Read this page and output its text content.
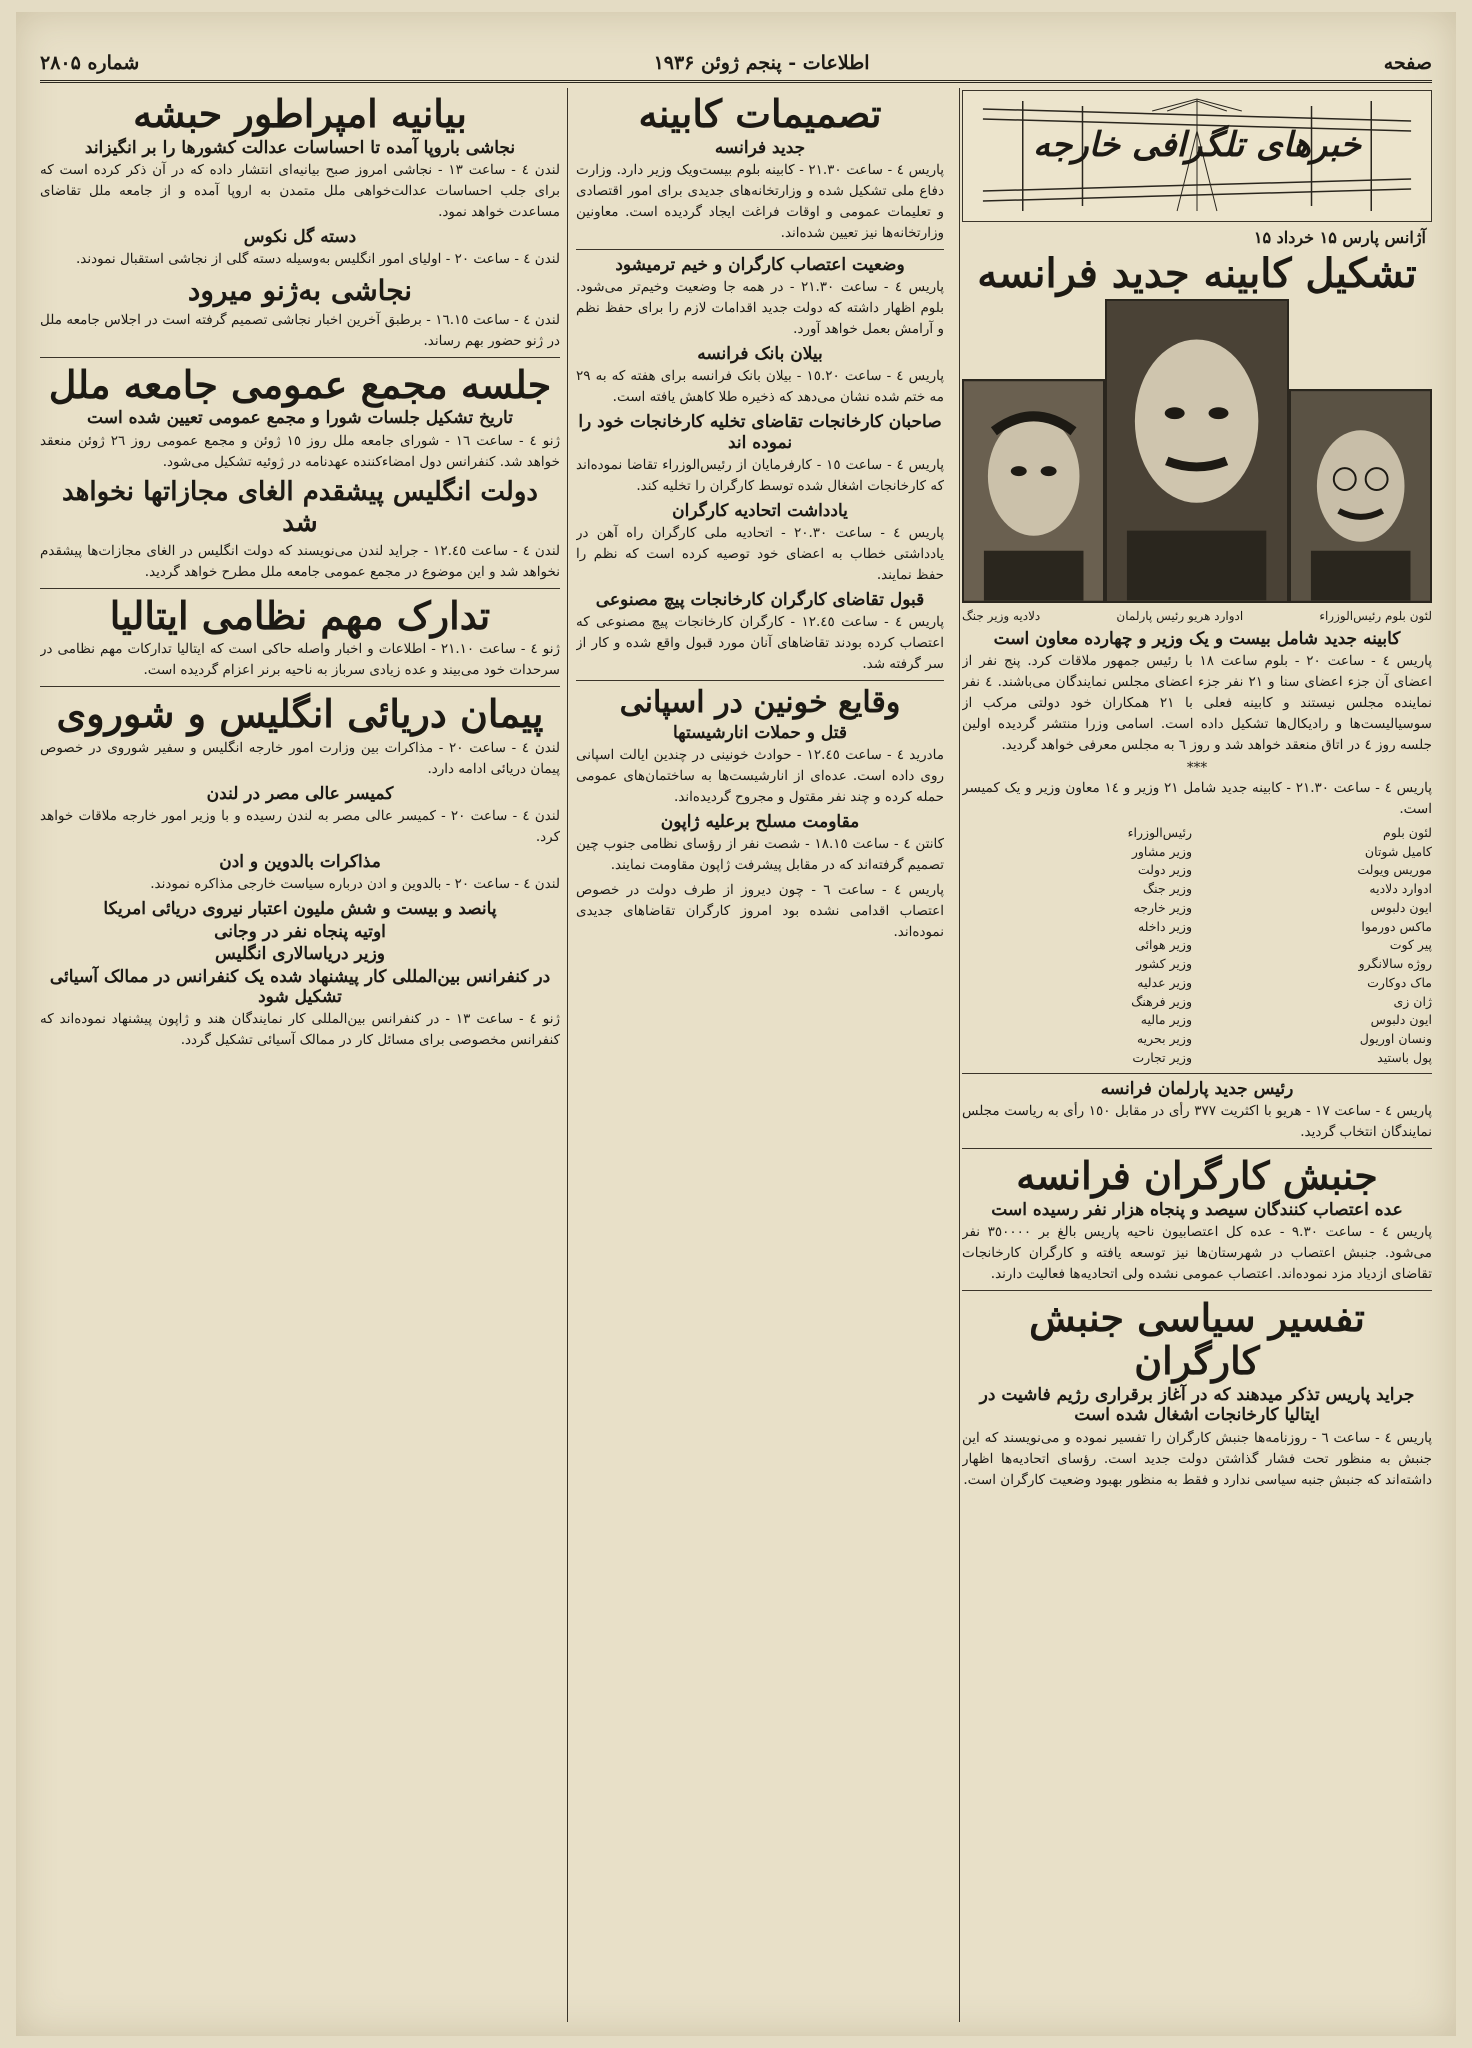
صفحه
اطلاعات - پنجم ژوئن ۱۹۳۶
شماره ۲۸۰۵
خبرهای تلگرافی خارجه
آژانس پارس ۱۵ خرداد ۱۵
تشکیل کابینه جدید فرانسه
لئون بلوم رئیس‌الوزراء
ادوارد هریو رئیس پارلمان
دلادیه وزیر جنگ
کابینه جدید شامل بیست و یک وزیر و چهارده معاون است

پاریس ٤ - ساعت ٢٠ - بلوم ساعت ١٨ با رئیس جمهور ملاقات کرد. پنج نفر از اعضای آن جزء اعضای سنا و ٢١ نفر جزء اعضای مجلس نمایندگان می‌باشند. ٤ نفر نماینده مجلس نیستند و کابینه فعلی با ٢١ همکاران خود دولتی مرکب از سوسیالیست‌ها و رادیکال‌ها تشکیل داده است. اسامی وزرا منتشر گردیده اولین جلسه روز ٤ در اتاق منعقد خواهد شد و روز ٦ به مجلس معرفی خواهد گردید.

***

پاریس ٤ - ساعت ٢١.٣٠ - کابینه جدید شامل ٢١ وزیر و ١٤ معاون وزیر و یک کمیسر است.

لئون بلوم
کامیل شوتان
موریس ویولت
ادوارد دلادیه
ایون دلبوس
ماکس دورموا
پیر کوت
روژه سالانگرو
ماک دوکارت
ژان زی
ایون دلبوس
ونسان اوریول
پول باستید
رئیس‌الوزراء
وزیر مشاور
وزیر دولت
وزیر جنگ
وزیر خارجه
وزیر داخله
وزیر هوائی
وزیر کشور
وزیر عدلیه
وزیر فرهنگ
وزیر مالیه
وزیر بحریه
وزیر تجارت
رئیس جدید پارلمان فرانسه

پاریس ٤ - ساعت ١٧ - هریو با اکثریت ٣٧٧ رأی در مقابل ١٥٠ رأی به ریاست مجلس نمایندگان انتخاب گردید.

جنبش کارگران فرانسه
عده اعتصاب کنندگان سیصد و پنجاه هزار نفر رسیده است

پاریس ٤ - ساعت ٩.٣٠ - عده کل اعتصابیون ناحیه پاریس بالغ بر ٣٥٠٠٠٠ نفر می‌شود. جنبش اعتصاب در شهرستان‌ها نیز توسعه یافته و کارگران کارخانجات تقاضای ازدیاد مزد نموده‌اند. اعتصاب عمومی نشده ولی اتحادیه‌ها فعالیت دارند.

تفسیر سیاسی جنبش کارگران
جراید پاریس تذکر میدهند که در آغاز برقراری رژیم فاشیت در ایتالیا کارخانجات اشغال شده است

پاریس ٤ - ساعت ٦ - روزنامه‌ها جنبش کارگران را تفسیر نموده و می‌نویسند که این جنبش به منظور تحت فشار گذاشتن دولت جدید است. رؤسای اتحادیه‌ها اظهار داشته‌اند که جنبش جنبه سیاسی ندارد و فقط به منظور بهبود وضعیت کارگران است.

تصمیمات کابینه
جدید فرانسه

پاریس ٤ - ساعت ٢١.٣٠ - کابینه بلوم بیست‌ویک وزیر دارد. وزارت دفاع ملی تشکیل شده و وزارتخانه‌های جدیدی برای امور اقتصادی و تعلیمات عمومی و اوقات فراغت ایجاد گردیده است. معاونین وزارتخانه‌ها نیز تعیین شده‌اند.

وضعیت اعتصاب کارگران و خیم ترمیشود

پاریس ٤ - ساعت ٢١.٣٠ - در همه جا وضعیت وخیم‌تر می‌شود. بلوم اظهار داشته که دولت جدید اقدامات لازم را برای حفظ نظم و آرامش بعمل خواهد آورد.

بیلان بانک فرانسه

پاریس ٤ - ساعت ١٥.٢٠ - بیلان بانک فرانسه برای هفته که به ٢٩ مه ختم شده نشان می‌دهد که ذخیره طلا کاهش یافته است.

صاحبان کارخانجات تقاضای تخلیه کارخانجات خود را نموده اند

پاریس ٤ - ساعت ١٥ - کارفرمایان از رئیس‌الوزراء تقاضا نموده‌اند که کارخانجات اشغال شده توسط کارگران را تخلیه کند.

یادداشت اتحادیه کارگران

پاریس ٤ - ساعت ٢٠.٣٠ - اتحادیه ملی کارگران راه آهن در یادداشتی خطاب به اعضای خود توصیه کرده است که نظم را حفظ نمایند.

قبول تقاضای کارگران کارخانجات پیچ مصنوعی

پاریس ٤ - ساعت ١٢.٤٥ - کارگران کارخانجات پیچ مصنوعی که اعتصاب کرده بودند تقاضاهای آنان مورد قبول واقع شده و کار از سر گرفته شد.

وقایع خونین در اسپانی
قتل و حملات انارشیستها

مادرید ٤ - ساعت ١٢.٤٥ - حوادث خونینی در چندین ایالت اسپانی روی داده است. عده‌ای از انارشیست‌ها به ساختمان‌های عمومی حمله کرده و چند نفر مقتول و مجروح گردیده‌اند.

مقاومت مسلح برعلیه ژاپون

کانتن ٤ - ساعت ١٨.١٥ - شصت نفر از رؤسای نظامی جنوب چین تصمیم گرفته‌اند که در مقابل پیشرفت ژاپون مقاومت نمایند.

پاریس ٤ - ساعت ٦ - چون دیروز از طرف دولت در خصوص اعتصاب اقدامی نشده بود امروز کارگران تقاضاهای جدیدی نموده‌اند.

بیانیه امپراطور حبشه
نجاشی باروپا آمده تا احساسات عدالت کشورها را بر انگیزاند

لندن ٤ - ساعت ١٣ - نجاشی امروز صبح بیانیه‌ای انتشار داده که در آن ذکر کرده است که برای جلب احساسات عدالت‌خواهی ملل متمدن به اروپا آمده و از جامعه ملل تقاضای مساعدت خواهد نمود.

دسته گل نکوس

لندن ٤ - ساعت ٢٠ - اولیای امور انگلیس به‌وسیله دسته گلی از نجاشی استقبال نمودند.

نجاشی به‌ژنو میرود

لندن ٤ - ساعت ١٦.١٥ - برطبق آخرین اخبار نجاشی تصمیم گرفته است در اجلاس جامعه ملل در ژنو حضور بهم رساند.

جلسه مجمع عمومی جامعه ملل
تاریخ تشکیل جلسات شورا و مجمع عمومی تعیین شده است

ژنو ٤ - ساعت ١٦ - شورای جامعه ملل روز ١٥ ژوئن و مجمع عمومی روز ٢٦ ژوئن منعقد خواهد شد. کنفرانس دول امضاءکننده عهدنامه در ژوئیه تشکیل می‌شود.

دولت انگلیس پیشقدم الغای مجازاتها نخواهد شد

لندن ٤ - ساعت ١٢.٤٥ - جراید لندن می‌نویسند که دولت انگلیس در الغای مجازات‌ها پیشقدم نخواهد شد و این موضوع در مجمع عمومی جامعه ملل مطرح خواهد گردید.

تدارک مهم نظامی ایتالیا

ژنو ٤ - ساعت ٢١.١٠ - اطلاعات و اخبار واصله حاکی است که ایتالیا تدارکات مهم نظامی در سرحدات خود می‌بیند و عده زیادی سرباز به ناحیه برنر اعزام گردیده است.

پیمان دریائی انگلیس و شوروی

لندن ٤ - ساعت ٢٠ - مذاکرات بین وزارت امور خارجه انگلیس و سفیر شوروی در خصوص پیمان دریائی ادامه دارد.

کمیسر عالی مصر در لندن

لندن ٤ - ساعت ٢٠ - کمیسر عالی مصر به لندن رسیده و با وزیر امور خارجه ملاقات خواهد کرد.

مذاکرات بالدوین و ادن

لندن ٤ - ساعت ٢٠ - بالدوین و ادن درباره سیاست خارجی مذاکره نمودند.

پانصد و بیست و شش ملیون اعتبار نیروی دریائی امریکا
اوتیه پنجاه نفر در وجانی
وزیر دریاسالاری انگلیس
در کنفرانس بین‌المللی کار پیشنهاد شده یک کنفرانس در ممالک آسیائی تشکیل شود

ژنو ٤ - ساعت ١٣ - در کنفرانس بین‌المللی کار نمایندگان هند و ژاپون پیشنهاد نموده‌اند که کنفرانس مخصوصی برای مسائل کار در ممالک آسیائی تشکیل گردد.
